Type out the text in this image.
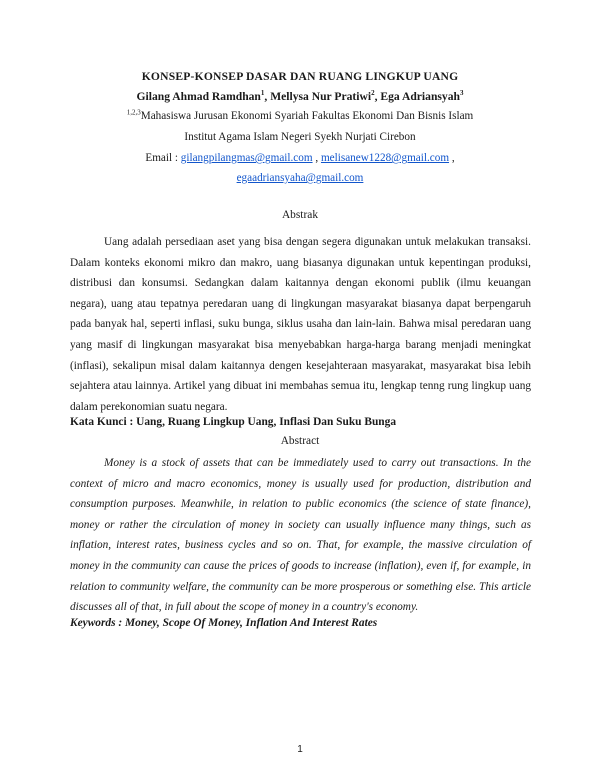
KONSEP-KONSEP DASAR DAN RUANG LINGKUP UANG
Gilang Ahmad Ramdhan$^1$, Mellysa Nur Pratiwi$^2$, Ega Adriansyah$^3$
$^{1,2,3}$Mahasiswa Jurusan Ekonomi Syariah Fakultas Ekonomi Dan Bisnis Islam
Institut Agama Islam Negeri Syekh Nurjati Cirebon
Email : gilangpilangmas@gmail.com , melisanew1228@gmail.com ,
egaadriansyaha@gmail.com
Abstrak

Uang adalah persediaan aset yang bisa dengan segera digunakan untuk melakukan transaksi. Dalam konteks ekonomi mikro dan makro, uang biasanya digunakan untuk kepentingan produksi, distribusi dan konsumsi. Sedangkan dalam kaitannya dengan ekonomi publik (ilmu keuangan negara), uang atau tepatnya peredaran uang di lingkungan masyarakat biasanya dapat berpengaruh pada banyak hal, seperti inflasi, suku bunga, siklus usaha dan lain-lain. Bahwa misal peredaran uang yang masif di lingkungan masyarakat bisa menyebabkan harga-harga barang menjadi meningkat (inflasi), sekalipun misal dalam kaitannya dengen kesejahteraan masyarakat, masyarakat bisa lebih sejahtera atau lainnya. Artikel yang dibuat ini membahas semua itu, lengkap tenng rung lingkup uang dalam perekonomian suatu negara.

Kata Kunci : Uang, Ruang Lingkup Uang, Inflasi Dan Suku Bunga
Abstract

Money is a stock of assets that can be immediately used to carry out transactions. In the context of micro and macro economics, money is usually used for production, distribution and consumption purposes. Meanwhile, in relation to public economics (the science of state finance), money or rather the circulation of money in society can usually influence many things, such as inflation, interest rates, business cycles and so on. That, for example, the massive circulation of money in the community can cause the prices of goods to increase (inflation), even if, for example, in relation to community welfare, the community can be more prosperous or something else. This article discusses all of that, in full about the scope of money in a country's economy.

Keywords : Money, Scope Of Money, Inflation And Interest Rates
1
